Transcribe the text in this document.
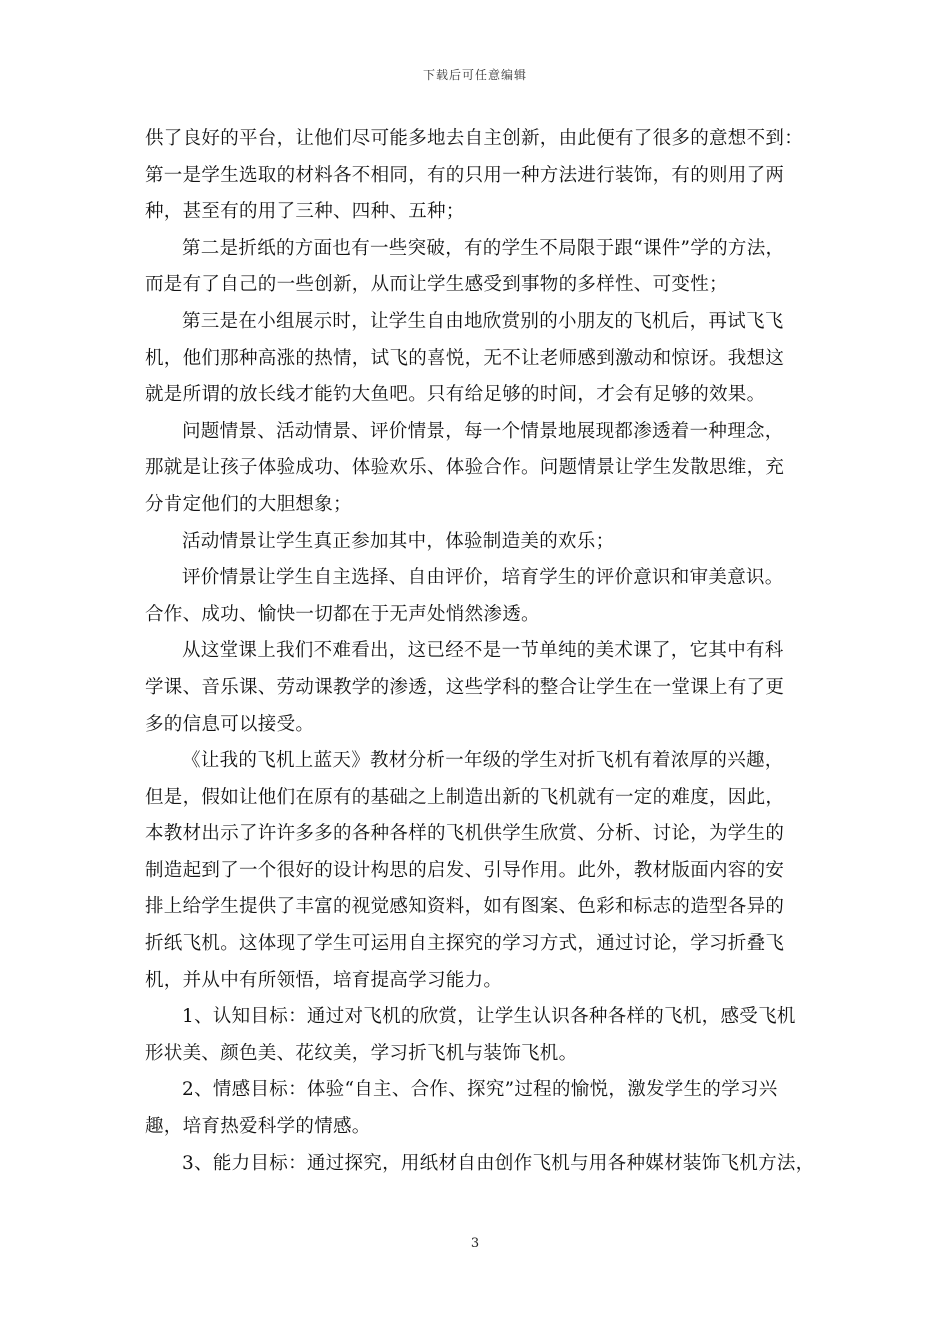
下载后可任意编辑
供了良好的平台，让他们尽可能多地去自主创新，由此便有了很多的意想不到：
第一是学生选取的材料各不相同，有的只用一种方法进行装饰，有的则用了两
种，甚至有的用了三种、四种、五种；
第二是折纸的方面也有一些突破，有的学生不局限于跟“课件”学的方法，
而是有了自己的一些创新，从而让学生感受到事物的多样性、可变性；
第三是在小组展示时，让学生自由地欣赏别的小朋友的飞机后，再试飞飞
机，他们那种高涨的热情，试飞的喜悦，无不让老师感到激动和惊讶。我想这
就是所谓的放长线才能钓大鱼吧。只有给足够的时间，才会有足够的效果。
问题情景、活动情景、评价情景，每一个情景地展现都渗透着一种理念，
那就是让孩子体验成功、体验欢乐、体验合作。问题情景让学生发散思维，充
分肯定他们的大胆想象；
活动情景让学生真正参加其中，体验制造美的欢乐；
评价情景让学生自主选择、自由评价，培育学生的评价意识和审美意识。
合作、成功、愉快一切都在于无声处悄然渗透。
从这堂课上我们不难看出，这已经不是一节单纯的美术课了，它其中有科
学课、音乐课、劳动课教学的渗透，这些学科的整合让学生在一堂课上有了更
多的信息可以接受。
《让我的飞机上蓝天》教材分析一年级的学生对折飞机有着浓厚的兴趣，
但是，假如让他们在原有的基础之上制造出新的飞机就有一定的难度，因此，
本教材出示了许许多多的各种各样的飞机供学生欣赏、分析、讨论，为学生的
制造起到了一个很好的设计构思的启发、引导作用。此外，教材版面内容的安
排上给学生提供了丰富的视觉感知资料，如有图案、色彩和标志的造型各异的
折纸飞机。这体现了学生可运用自主探究的学习方式，通过讨论，学习折叠飞
机，并从中有所领悟，培育提高学习能力。
1、认知目标：通过对飞机的欣赏，让学生认识各种各样的飞机，感受飞机
形状美、颜色美、花纹美，学习折飞机与装饰飞机。
2、情感目标：体验“自主、合作、探究”过程的愉悦，激发学生的学习兴
趣，培育热爱科学的情感。
3、能力目标：通过探究，用纸材自由创作飞机与用各种媒材装饰飞机方法，
3
